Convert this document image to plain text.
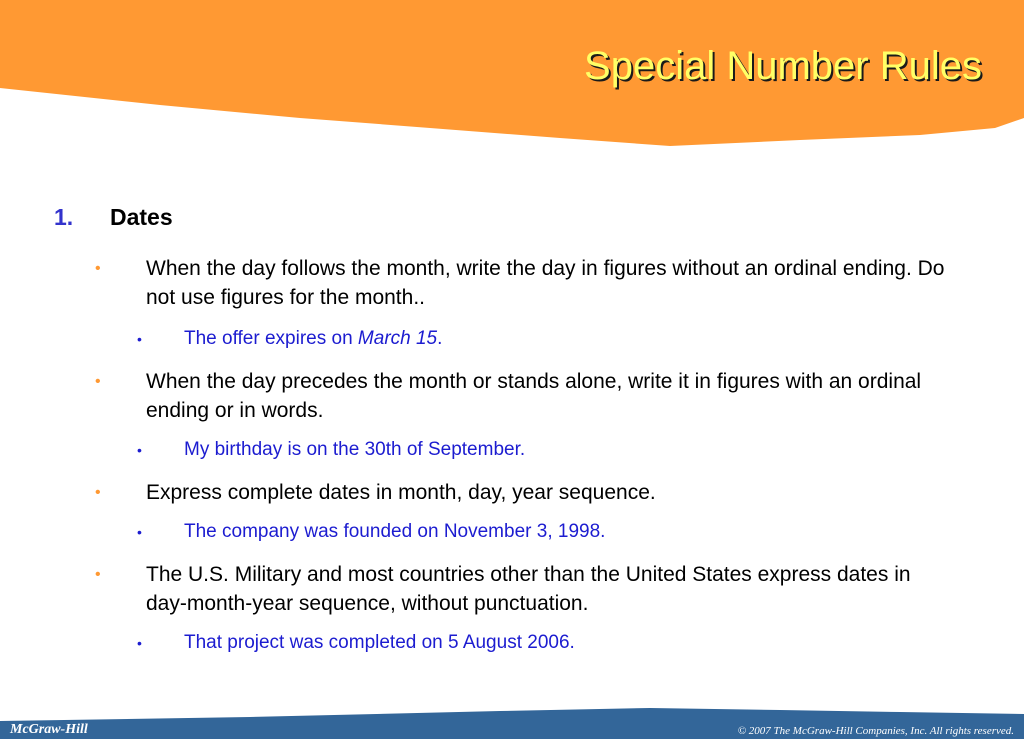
Special Number Rules
1. Dates
• When the day follows the month, write the day in figures without an ordinal ending. Do not use figures for the month..
• The offer expires on March 15.
• When the day precedes the month or stands alone, write it in figures with an ordinal ending or in words.
• My birthday is on the 30th of September.
• Express complete dates in month, day, year sequence.
• The company was founded on November 3, 1998.
• The U.S. Military and most countries other than the United States express dates in day-month-year sequence, without punctuation.
• That project was completed on 5 August 2006.
McGraw-Hill	© 2007 The McGraw-Hill Companies, Inc. All rights reserved.
